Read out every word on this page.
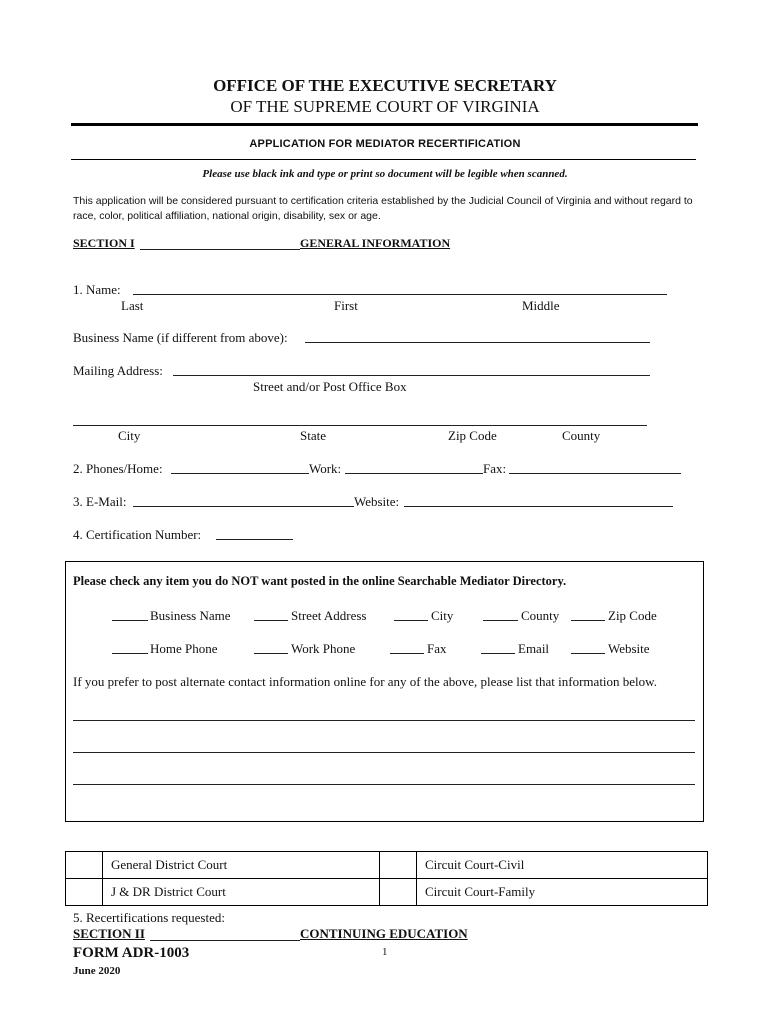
OFFICE OF THE EXECUTIVE SECRETARY
OF THE SUPREME COURT OF VIRGINIA
APPLICATION FOR MEDIATOR RECERTIFICATION
Please use black ink and type or print so document will be legible when scanned.
This application will be considered pursuant to certification criteria established by the Judicial Council of Virginia and without regard to race, color, political affiliation, national origin, disability, sex or age.
SECTION I	GENERAL INFORMATION
1. Name:
Last	First	Middle
Business Name (if different from above):
Mailing Address:
Street and/or Post Office Box
City	State	Zip Code	County
2. Phones/Home:	Work:	Fax:
3. E-Mail:	Website:
4. Certification Number:
Please check any item you do NOT want posted in the online Searchable Mediator Directory.
Business Name	Street Address	City	County	Zip Code
Home Phone	Work Phone	Fax	Email	Website
If you prefer to post alternate contact information online for any of the above, please list that information below.
	General District Court		Circuit Court-Civil
	J & DR District Court		Circuit Court-Family
5. Recertifications requested:
SECTION II	CONTINUING EDUCATION
FORM ADR-1003
June 2020
1
